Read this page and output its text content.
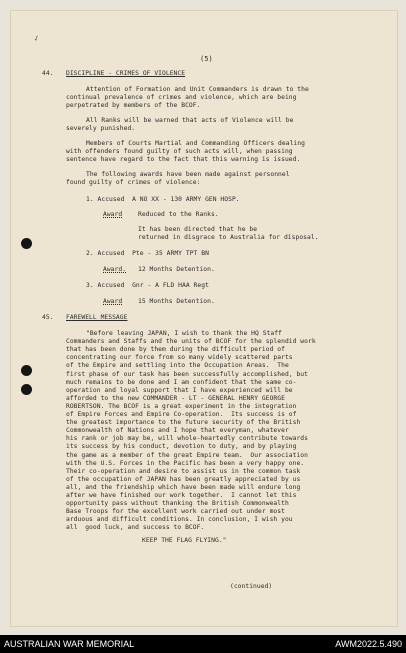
✓
(5)
44. DISCIPLINE - CRIMES OF VIOLENCE
Attention of Formation and Unit Commanders is drawn to the
continual prevalence of crimes and violence, which are being
perpetrated by members of the BCOF.
All Ranks will be warned that acts of Violence will be
severely punished.
Members of Courts Martial and Commanding Officers dealing
with offenders found guilty of such acts will, when passing
sentence have regard to the fact that this warning is issued.
The following awards have been made against personnel
found guilty of crimes of violence:
1. Accused  A NO XX - 130 ARMY GEN HOSP.
Award	Reduced to the Ranks.
It has been directed that he be
returned in disgrace to Australia for disposal.
2. Accused  Pte - 35 ARMY TPT BN
Award. 12 Months Detention.
3. Accused  Gnr - A FLD HAA Regt
Award	15 Months Detention.
45. FAREWELL MESSAGE
"Before leaving JAPAN, I wish to thank the HQ Staff
Commanders and Staffs and the units of BCOF for the splendid work
that has been done by them during the difficult period of
concentrating our force from so many widely scattered parts
of the Empire and settling into the Occupation Areas.  The
first phase of our task has been successfully accomplished, but
much remains to be done and I am confident that the same co-
operation and loyal support that I have experienced will be
afforded to the new COMMANDER - LT - GENERAL HENRY GEORGE
ROBERTSON. The BCOF is a great experiment in the integration
of Empire Forces and Empire Co-operation.  Its success is of
the greatest importance to the future security of the British
Commonwealth of Nations and I hope that everyman, whatever
his rank or job may be, will whole-heartedly contribute towards
its success by his conduct, devotion to duty, and by playing
the game as a member of the great Empire team.  Our association
with the U.S. Forces in the Pacific has been a very happy one.
Their co-operation and desire to assist us in the common task
of the occupation of JAPAN has been greatly appreciated by us
all, and the friendship which have been made will endure long
after we have finished our work together.  I cannot let this
opportunity pass without thanking the British Commonwealth
Base Troops for the excellent work carried out under most
arduous and difficult conditions. In conclusion, I wish you
all  good luck, and success to BCOF.
KEEP THE FLAG FLYING."
(continued)
AUSTRALIAN WAR MEMORIAL	AWM2022.5.490
